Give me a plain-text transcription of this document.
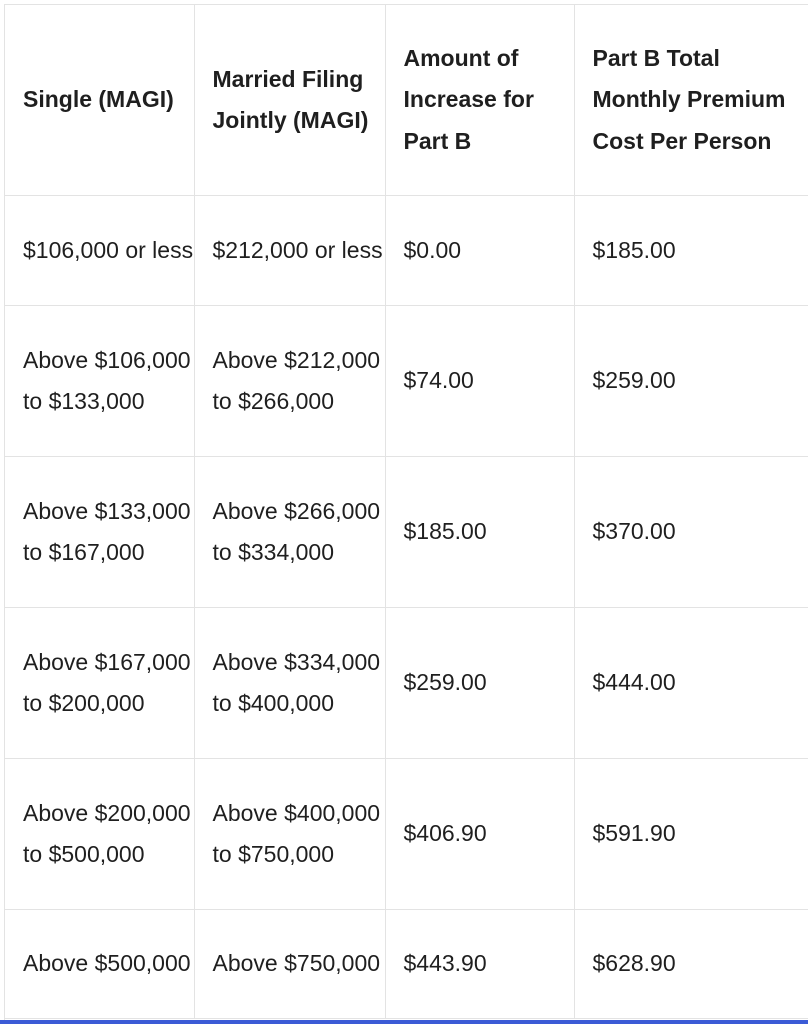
Single (MAGI)	Married Filing Jointly (MAGI)	Amount of Increase for Part B	Part B Total Monthly Premium Cost Per Person
$106,000 or less	$212,000 or less	$0.00	$185.00
Above $106,000 to $133,000	Above $212,000 to $266,000	$74.00	$259.00
Above $133,000 to $167,000	Above $266,000 to $334,000	$185.00	$370.00
Above $167,000 to $200,000	Above $334,000 to $400,000	$259.00	$444.00
Above $200,000 to $500,000	Above $400,000 to $750,000	$406.90	$591.90
Above $500,000	Above $750,000	$443.90	$628.90
